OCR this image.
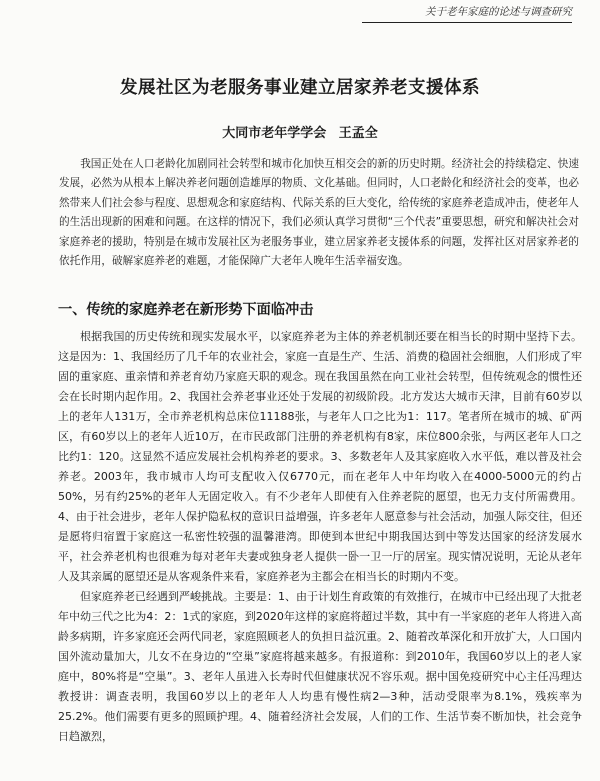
关于老年家庭的论述与调查研究
发展社区为老服务事业建立居家养老支援体系
大同市老年学学会 王孟全

我国正处在人口老龄化加剧同社会转型和城市化加快互相交会的新的历史时期。经济社会的持续稳定、快速发展，必然为从根本上解决养老问题创造雄厚的物质、文化基础。但同时，人口老龄化和经济社会的变革，也必然带来人们社会参与程度、思想观念和家庭结构、代际关系的巨大变化，给传统的家庭养老造成冲击，使老年人的生活出现新的困难和问题。在这样的情况下，我们必须认真学习贯彻“三个代表”重要思想，研究和解决社会对家庭养老的援助，特别是在城市发展社区为老服务事业，建立居家养老支援体系的问题，发挥社区对居家养老的依托作用，破解家庭养老的难题，才能保障广大老年人晚年生活幸福安逸。

一、传统的家庭养老在新形势下面临冲击

根据我国的历史传统和现实发展水平，以家庭养老为主体的养老机制还要在相当长的时期中坚持下去。这是因为：1、我国经历了几千年的农业社会，家庭一直是生产、生活、消费的稳固社会细胞，人们形成了牢固的重家庭、重亲情和养老育幼乃家庭天职的观念。现在我国虽然在向工业社会转型，但传统观念的惯性还会在长时期内起作用。2、我国社会养老事业还处于发展的初级阶段。北方发达大城市天津，目前有60岁以上的老年人131万，全市养老机构总床位11188张，与老年人口之比为1：117。笔者所在城市的城、矿两区，有60岁以上的老年人近10万，在市民政部门注册的养老机构有8家，床位800余张，与两区老年人口之比约1：120。这显然不适应发展社会机构养老的要求。3、多数老年人及其家庭收入水平低，难以普及社会养老。2003年，我市城市人均可支配收入仅6770元，而在老年人中年均收入在4000-5000元的约占50%，另有约25%的老年人无固定收入。有不少老年人即使有入住养老院的愿望，也无力支付所需费用。4、由于社会进步，老年人保护隐私权的意识日益增强，许多老年人愿意参与社会活动，加强人际交往，但还是愿将归宿置于家庭这一私密性较强的温馨港湾。即使到本世纪中期我国达到中等发达国家的经济发展水平，社会养老机构也很难为每对老年夫妻或独身老人提供一卧一卫一厅的居室。现实情况说明，无论从老年人及其亲属的愿望还是从客观条件来看，家庭养老为主都会在相当长的时期内不变。

但家庭养老已经遇到严峻挑战。主要是：1、由于计划生育政策的有效推行，在城市中已经出现了大批老年中幼三代之比为4：2：1式的家庭，到2020年这样的家庭将超过半数，其中有一半家庭的老年人将进入高龄多病期，许多家庭还会两代同老，家庭照顾老人的负担日益沉重。2、随着改革深化和开放扩大，人口国内国外流动量加大，儿女不在身边的“空巢”家庭将越来越多。有报道称：到2010年，我国60岁以上的老人家庭中，80%将是“空巢”。3、老年人虽进入长寿时代但健康状况不容乐观。据中国免疫研究中心主任冯理达教授讲：调查表明，我国60岁以上的老年人人均患有慢性病2—3种，活动受限率为8.1%，残疾率为25.2%。他们需要有更多的照顾护理。4、随着经济社会发展，人们的工作、生活节奏不断加快，社会竞争日趋激烈，
